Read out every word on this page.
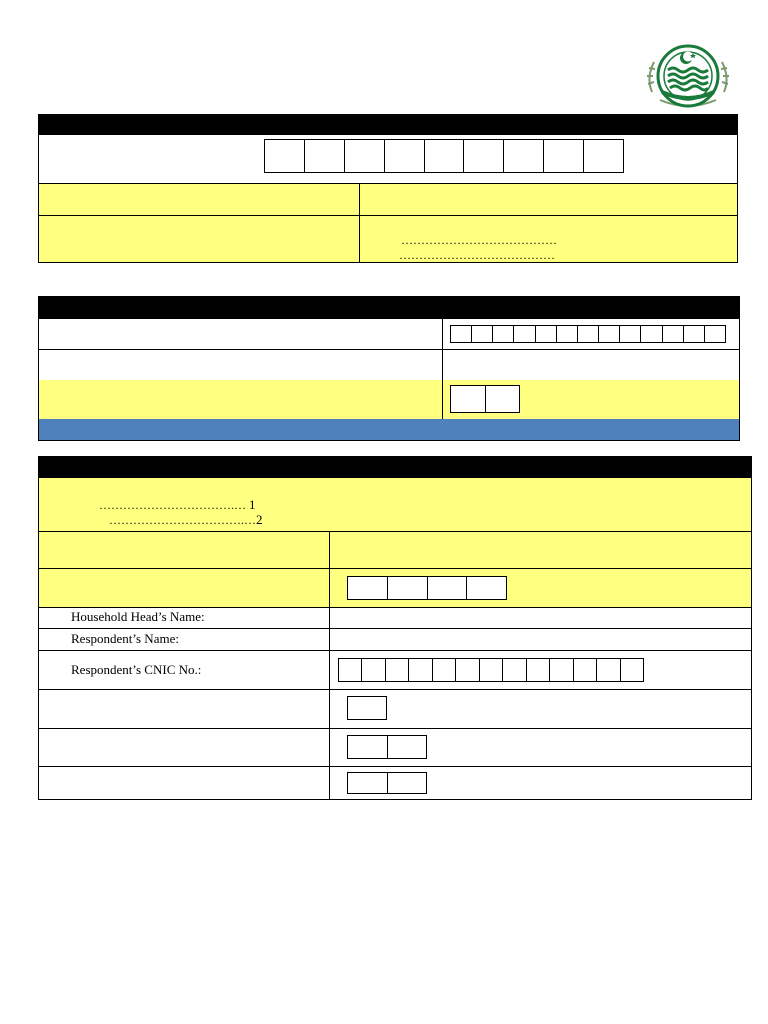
…………………………………
…………………………………
…………………………….… 1
…………………………….…2
Household Head’s Name:
Respondent’s Name:
Respondent’s CNIC No.:
